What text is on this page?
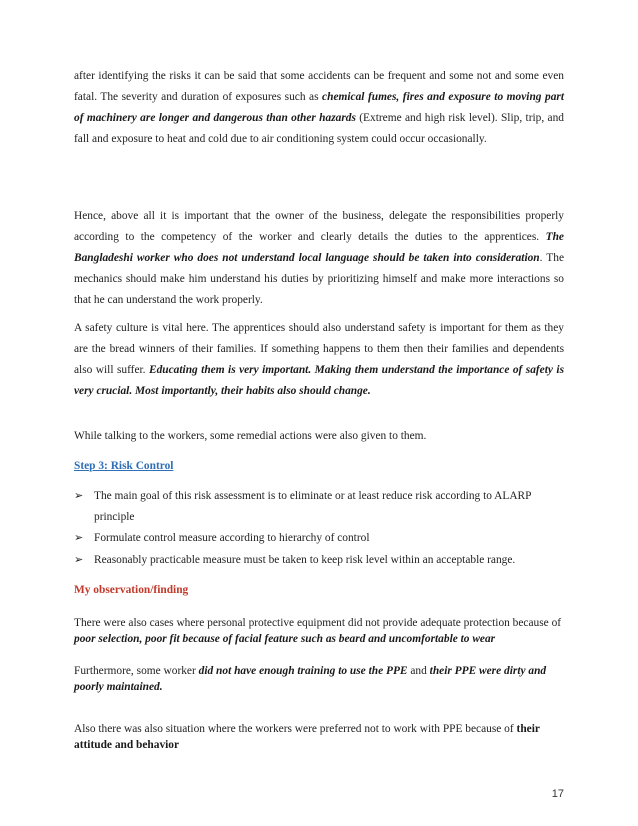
after identifying the risks it can be said that some accidents can be frequent and some not and some even fatal. The severity and duration of exposures such as chemical fumes, fires and exposure to moving part of machinery are longer and dangerous than other hazards (Extreme and high risk level). Slip, trip, and fall and exposure to heat and cold due to air conditioning system could occur occasionally.

Hence, above all it is important that the owner of the business, delegate the responsibilities properly according to the competency of the worker and clearly details the duties to the apprentices. The Bangladeshi worker who does not understand local language should be taken into consideration. The mechanics should make him understand his duties by prioritizing himself and make more interactions so that he can understand the work properly.

A safety culture is vital here. The apprentices should also understand safety is important for them as they are the bread winners of their families. If something happens to them then their families and dependents also will suffer. Educating them is very important. Making them understand the importance of safety is very crucial. Most importantly, their habits also should change.

While talking to the workers, some remedial actions were also given to them.

Step 3: Risk Control
➢ The main goal of this risk assessment is to eliminate or at least reduce risk according to ALARP principle
➢ Formulate control measure according to hierarchy of control
➢ Reasonably practicable measure must be taken to keep risk level within an acceptable range.
My observation/finding

There were also cases where personal protective equipment did not provide adequate protection because of poor selection, poor fit because of facial feature such as beard and uncomfortable to wear

Furthermore, some worker did not have enough training to use the PPE and their PPE were dirty and poorly maintained.

Also there was also situation where the workers were preferred not to work with PPE because of their attitude and behavior

17
